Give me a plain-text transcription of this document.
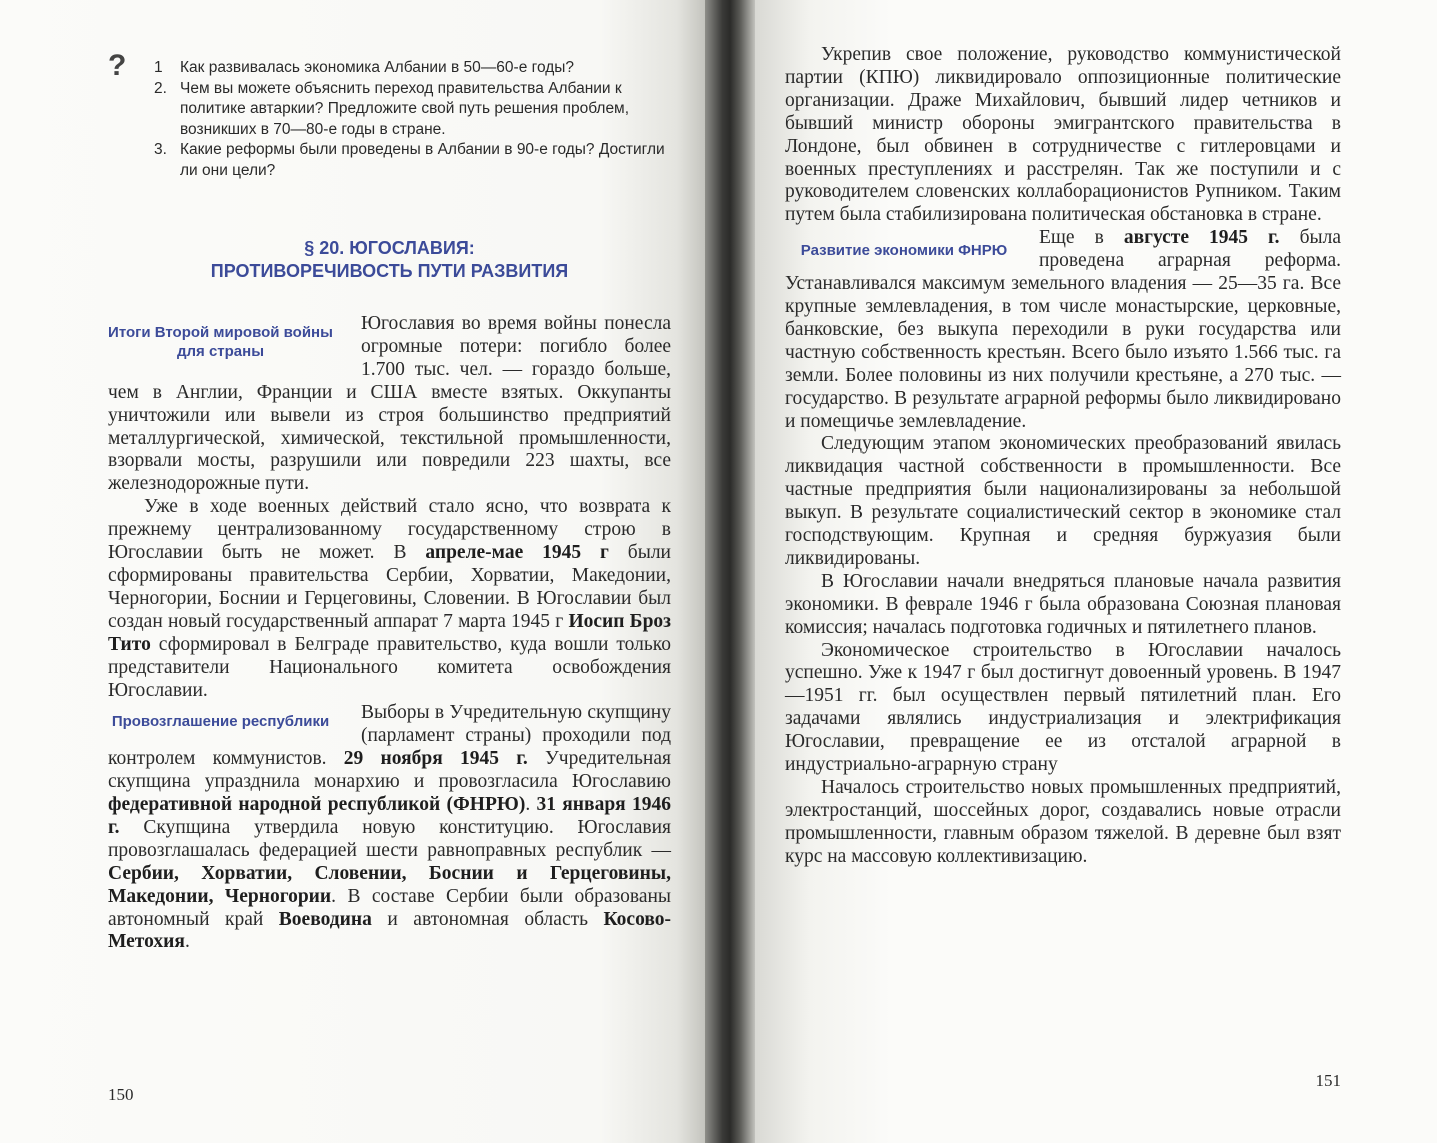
? 1 Как развивалась экономика Албании в 50—60-е годы?
2. Чем вы можете объяснить переход правительства Албании к политике автаркии? Предложите свой путь решения проблем, возникших в 70—80-е годы в стране.
3. Какие реформы были проведены в Албании в 90-е годы? Достигли ли они цели?
§ 20. ЮГОСЛАВИЯ:
ПРОТИВОРЕЧИВОСТЬ ПУТИ РАЗВИТИЯ
Итоги Второй мировой войны для страны

Югославия во время войны понесла огромные потери: погибло более 1.700 тыс. чел. — гораздо больше, чем в Англии, Франции и США вместе взятых. Оккупанты уничтожили или вывели из строя большинство предприятий металлургической, химической, текстильной промышленности, взорвали мосты, разрушили или повредили 223 шахты, все железнодорожные пути.

Уже в ходе военных действий стало ясно, что возврата к прежнему централизованному государственному строю в Югославии быть не может. В апреле-мае 1945 г были сформированы правительства Сербии, Хорватии, Македонии, Черногории, Боснии и Герцеговины, Словении. В Югославии был создан новый государственный аппарат 7 марта 1945 г Иосип Броз Тито сформировал в Белграде правительство, куда вошли только представители Национального комитета освобождения Югославии.

Провозглашение республики	Выборы в Учредительную скупщину (парламент страны) проходили под контролем коммунистов. 29 ноября 1945 г. Учредительная скупщина упразднила монархию и провозгласила Югославию федеративной народной республикой (ФНРЮ). 31 января 1946 г. Скупщина утвердила новую конституцию. Югославия провозглашалась федерацией шести равноправных республик — Сербии, Хорватии, Словении, Боснии и Герцеговины, Македонии, Черногории. В составе Сербии были образованы автономный край Воеводина и автономная область Косово-Метохия.

150

Укрепив свое положение, руководство коммунистической партии (КПЮ) ликвидировало оппозиционные политические организации. Драже Михайлович, бывший лидер четников и бывший министр обороны эмигрантского правительства в Лондоне, был обвинен в сотрудничестве с гитлеровцами и военных преступлениях и расстрелян. Так же поступили и с руководителем словенских коллаборационистов Рупником. Таким путем была стабилизирована политическая обстановка в стране.

Развитие экономики ФНРЮ

Еще в августе 1945 г. была проведена аграрная реформа. Устанавливался максимум земельного владения — 25—35 га. Все крупные землевладения, в том числе монастырские, церковные, банковские, без выкупа переходили в руки государства или частную собственность крестьян. Всего было изъято 1.566 тыс. га земли. Более половины из них получили крестьяне, а 270 тыс. — государство. В результате аграрной реформы было ликвидировано и помещичье землевладение.

Следующим этапом экономических преобразований явилась ликвидация частной собственности в промышленности. Все частные предприятия были национализированы за небольшой выкуп. В результате социалистический сектор в экономике стал господствующим. Крупная и средняя буржуазия были ликвидированы.

В Югославии начали внедряться плановые начала развития экономики. В феврале 1946 г была образована Союзная плановая комиссия; началась подготовка годичных и пятилетнего планов.

Экономическое строительство в Югославии началось успешно. Уже к 1947 г был достигнут довоенный уровень. В 1947—1951 гг. был осуществлен первый пятилетний план. Его задачами являлись индустриализация и электрификация Югославии, превращение ее из отсталой аграрной в индустриально-аграрную страну

Началось строительство новых промышленных предприятий, электростанций, шоссейных дорог, создавались новые отрасли промышленности, главным образом тяжелой. В деревне был взят курс на массовую коллективизацию.

151
